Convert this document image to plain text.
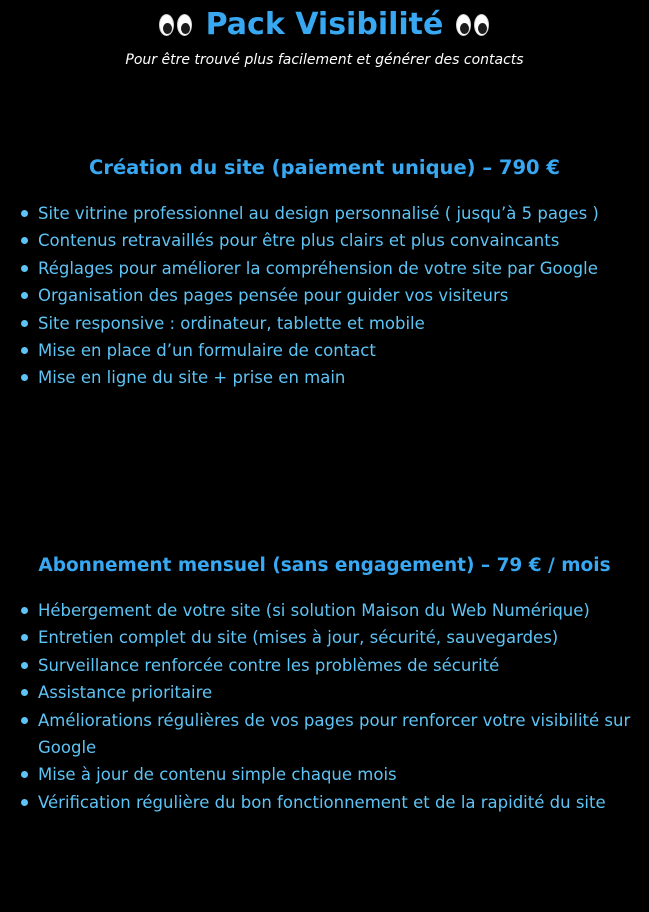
Pack Visibilité
Pour être trouvé plus facilement et générer des contacts
Création du site (paiement unique) – 790 €
Site vitrine professionnel au design personnalisé ( jusqu’à 5 pages )
Contenus retravaillés pour être plus clairs et plus convaincants
Réglages pour améliorer la compréhension de votre site par Google
Organisation des pages pensée pour guider vos visiteurs
Site responsive : ordinateur, tablette et mobile
Mise en place d’un formulaire de contact
Mise en ligne du site + prise en main
Abonnement mensuel (sans engagement) – 79 € / mois
Hébergement de votre site (si solution Maison du Web Numérique)
Entretien complet du site (mises à jour, sécurité, sauvegardes)
Surveillance renforcée contre les problèmes de sécurité
Assistance prioritaire
Améliorations régulières de vos pages pour renforcer votre visibilité sur Google
Mise à jour de contenu simple chaque mois
Vérification régulière du bon fonctionnement et de la rapidité du site
